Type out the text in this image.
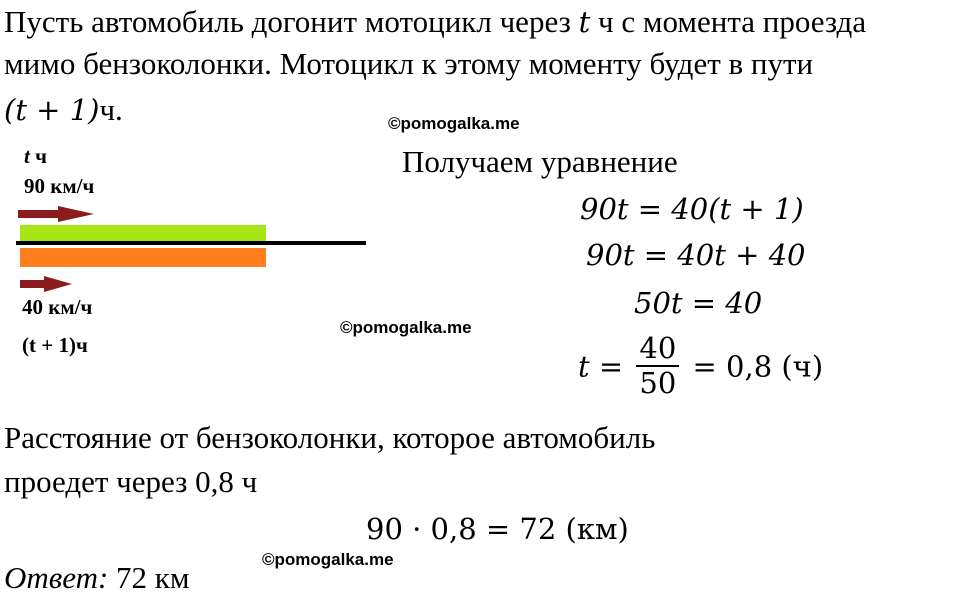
Пусть автомобиль догонит мотоцикл через t ч с момента проезда
мимо бензоколонки. Мотоцикл к этому моменту будет в пути
(t + 1)ч.	©pomogalka.me
©pomogalka.me
©pomogalka.me
t ч
90 км/ч
40 км/ч
(t + 1)ч
Получаем уравнение
90t = 40(t + 1)
90t = 40t + 40
50t = 40
$t = \frac{40}{50} = 0,8$ (ч)
Расстояние от бензоколонки, которое автомобиль
проедет через 0,8 ч
90 · 0,8 = 72 (км)
Ответ: 72 км
